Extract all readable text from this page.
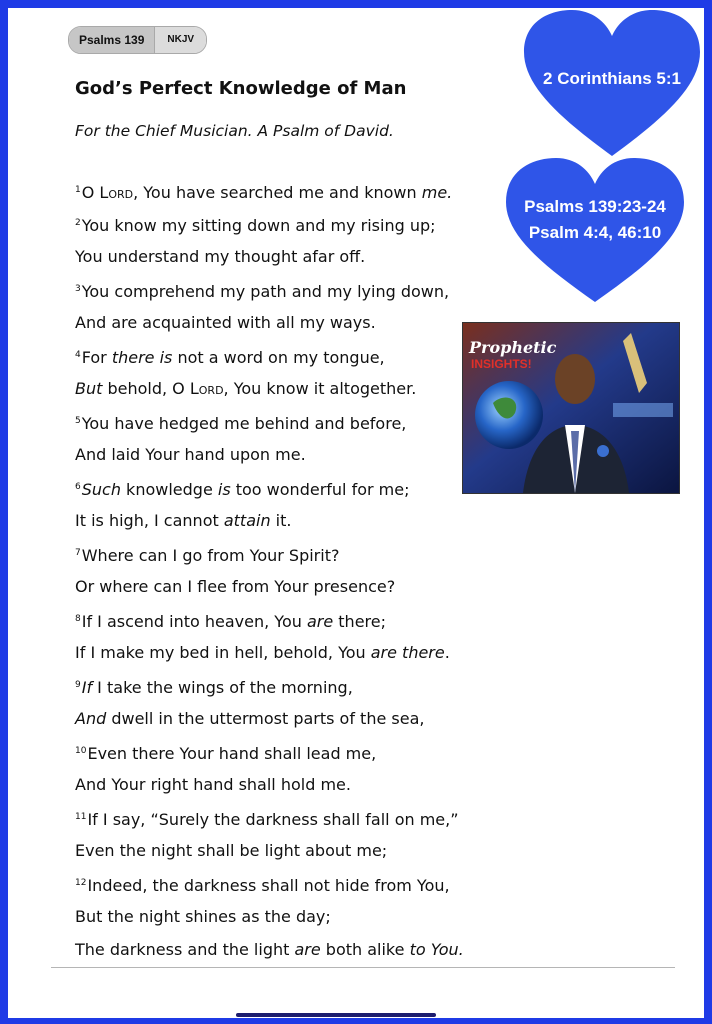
Psalms 139	NKJV
God’s Perfect Knowledge of Man
For the Chief Musician. A Psalm of David.
$^1$O Lord, You have searched me and known me.
$^2$You know my sitting down and my rising up;
You understand my thought afar off.
$^3$You comprehend my path and my lying down,
And are acquainted with all my ways.
$^4$For there is not a word on my tongue,
But behold, O Lord, You know it altogether.
$^5$You have hedged me behind and before,
And laid Your hand upon me.
$^6$Such knowledge is too wonderful for me;
It is high, I cannot attain it.
$^7$Where can I go from Your Spirit?
Or where can I flee from Your presence?
$^8$If I ascend into heaven, You are there;
If I make my bed in hell, behold, You are there.
$^9$If I take the wings of the morning,
And dwell in the uttermost parts of the sea,
$^{10}$Even there Your hand shall lead me,
And Your right hand shall hold me.
$^{11}$If I say, “Surely the darkness shall fall on me,”
Even the night shall be light about me;
$^{12}$Indeed, the darkness shall not hide from You,
But the night shines as the day;
The darkness and the light are both alike to You.
2 Corinthians 5:1
Psalms 139:23-24
Psalm 4:4, 46:10
Prophetic
INSIGHTS!
